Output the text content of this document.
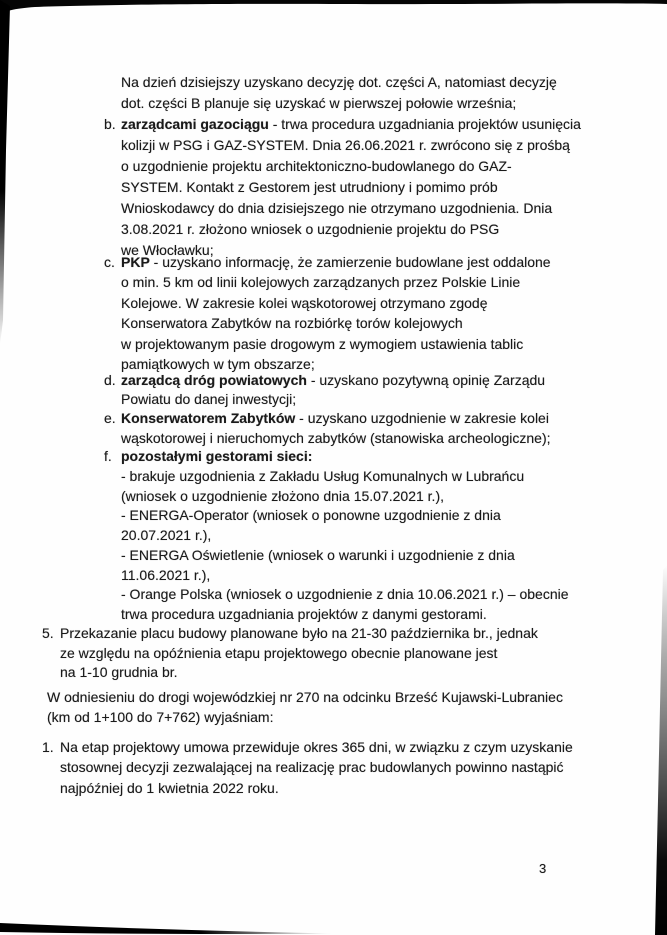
Na dzień dzisiejszy uzyskano decyzję dot. części A, natomiast decyzję
dot. części B planuje się uzyskać w pierwszej połowie września;
b. zarządcami gazociągu - trwa procedura uzgadniania projektów usunięcia
kolizji w PSG i GAZ-SYSTEM. Dnia 26.06.2021 r. zwrócono się z prośbą
o uzgodnienie projektu architektoniczno-budowlanego do GAZ-
SYSTEM. Kontakt z Gestorem jest utrudniony i pomimo prób
Wnioskodawcy do dnia dzisiejszego nie otrzymano uzgodnienia. Dnia
3.08.2021 r. złożono wniosek o uzgodnienie projektu do PSG
we Włocławku;
c. PKP - uzyskano informację, że zamierzenie budowlane jest oddalone
o min. 5 km od linii kolejowych zarządzanych przez Polskie Linie
Kolejowe. W zakresie kolei wąskotorowej otrzymano zgodę
Konserwatora Zabytków na rozbiórkę torów kolejowych
w projektowanym pasie drogowym z wymogiem ustawienia tablic
pamiątkowych w tym obszarze;
d. zarządcą dróg powiatowych - uzyskano pozytywną opinię Zarządu
Powiatu do danej inwestycji;
e. Konserwatorem Zabytków - uzyskano uzgodnienie w zakresie kolei
wąskotorowej i nieruchomych zabytków (stanowiska archeologiczne);
f. pozostałymi gestorami sieci:
- brakuje uzgodnienia z Zakładu Usług Komunalnych w Lubrańcu
(wniosek o uzgodnienie złożono dnia 15.07.2021 r.),
- ENERGA-Operator (wniosek o ponowne uzgodnienie z dnia
20.07.2021 r.),
- ENERGA Oświetlenie (wniosek o warunki i uzgodnienie z dnia
11.06.2021 r.),
- Orange Polska (wniosek o uzgodnienie z dnia 10.06.2021 r.) – obecnie
trwa procedura uzgadniania projektów z danymi gestorami.
5. Przekazanie placu budowy planowane było na 21-30 października br., jednak
ze względu na opóźnienia etapu projektowego obecnie planowane jest
na 1-10 grudnia br.
W odniesieniu do drogi wojewódzkiej nr 270 na odcinku Brześć Kujawski-Lubraniec
(km od 1+100 do 7+762) wyjaśniam:
1. Na etap projektowy umowa przewiduje okres 365 dni, w związku z czym uzyskanie
stosownej decyzji zezwalającej na realizację prac budowlanych powinno nastąpić
najpóźniej do 1 kwietnia 2022 roku.
3
